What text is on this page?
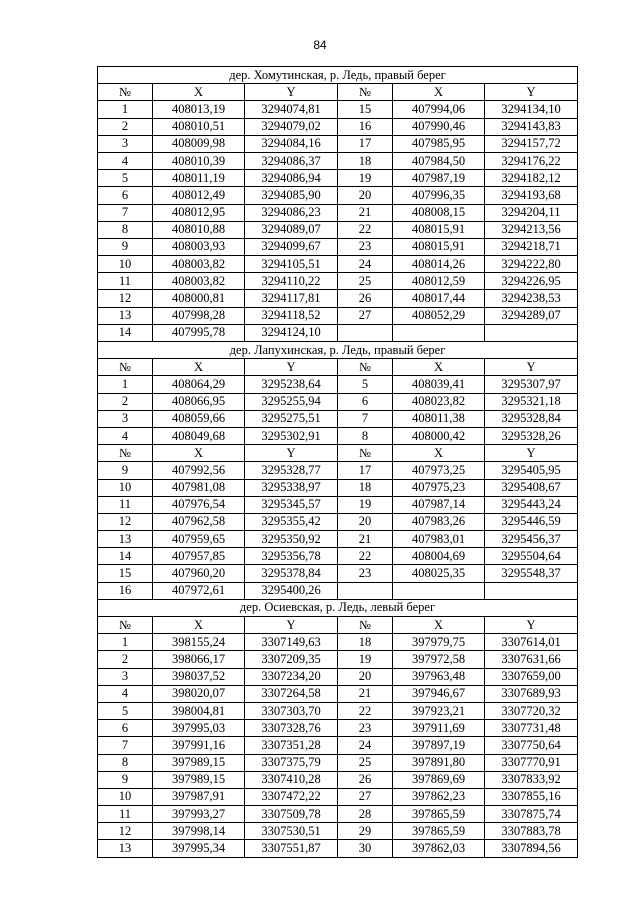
84
дер. Хомутинская, р. Ледь, правый берег					
№	X	Y	№	X	Y
1	408013,19	3294074,81	15	407994,06	3294134,10
2	408010,51	3294079,02	16	407990,46	3294143,83
3	408009,98	3294084,16	17	407985,95	3294157,72
4	408010,39	3294086,37	18	407984,50	3294176,22
5	408011,19	3294086,94	19	407987,19	3294182,12
6	408012,49	3294085,90	20	407996,35	3294193,68
7	408012,95	3294086,23	21	408008,15	3294204,11
8	408010,88	3294089,07	22	408015,91	3294213,56
9	408003,93	3294099,67	23	408015,91	3294218,71
10	408003,82	3294105,51	24	408014,26	3294222,80
11	408003,82	3294110,22	25	408012,59	3294226,95
12	408000,81	3294117,81	26	408017,44	3294238,53
13	407998,28	3294118,52	27	408052,29	3294289,07
14	407995,78	3294124,10			
дер. Лапухинская, р. Ледь, правый берег					
№	X	Y	№	X	Y
1	408064,29	3295238,64	5	408039,41	3295307,97
2	408066,95	3295255,94	6	408023,82	3295321,18
3	408059,66	3295275,51	7	408011,38	3295328,84
4	408049,68	3295302,91	8	408000,42	3295328,26
№	X	Y	№	X	Y
9	407992,56	3295328,77	17	407973,25	3295405,95
10	407981,08	3295338,97	18	407975,23	3295408,67
11	407976,54	3295345,57	19	407987,14	3295443,24
12	407962,58	3295355,42	20	407983,26	3295446,59
13	407959,65	3295350,92	21	407983,01	3295456,37
14	407957,85	3295356,78	22	408004,69	3295504,64
15	407960,20	3295378,84	23	408025,35	3295548,37
16	407972,61	3295400,26			
дер. Осиевская, р. Ледь, левый берег					
№	X	Y	№	X	Y
1	398155,24	3307149,63	18	397979,75	3307614,01
2	398066,17	3307209,35	19	397972,58	3307631,66
3	398037,52	3307234,20	20	397963,48	3307659,00
4	398020,07	3307264,58	21	397946,67	3307689,93
5	398004,81	3307303,70	22	397923,21	3307720,32
6	397995,03	3307328,76	23	397911,69	3307731,48
7	397991,16	3307351,28	24	397897,19	3307750,64
8	397989,15	3307375,79	25	397891,80	3307770,91
9	397989,15	3307410,28	26	397869,69	3307833,92
10	397987,91	3307472,22	27	397862,23	3307855,16
11	397993,27	3307509,78	28	397865,59	3307875,74
12	397998,14	3307530,51	29	397865,59	3307883,78
13	397995,34	3307551,87	30	397862,03	3307894,56
